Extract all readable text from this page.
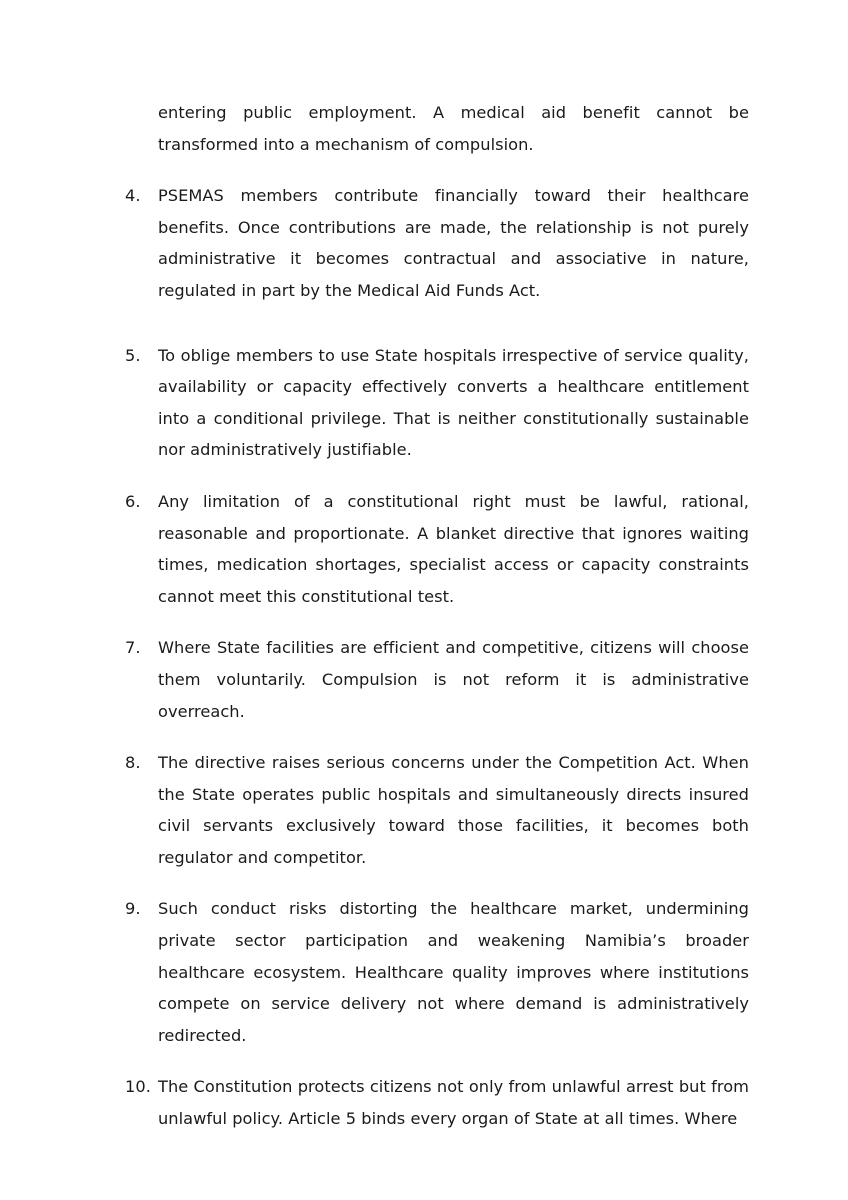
entering public employment. A medical aid benefit cannot be transformed into a mechanism of compulsion.
4. PSEMAS members contribute financially toward their healthcare benefits. Once contributions are made, the relationship is not purely administrative it becomes contractual and associative in nature, regulated in part by the Medical Aid Funds Act.
5. To oblige members to use State hospitals irrespective of service quality, availability or capacity effectively converts a healthcare entitlement into a conditional privilege. That is neither constitutionally sustainable nor administratively justifiable.
6. Any limitation of a constitutional right must be lawful, rational, reasonable and proportionate. A blanket directive that ignores waiting times, medication shortages, specialist access or capacity constraints cannot meet this constitutional test.
7. Where State facilities are efficient and competitive, citizens will choose them voluntarily. Compulsion is not reform it is administrative overreach.
8. The directive raises serious concerns under the Competition Act. When the State operates public hospitals and simultaneously directs insured civil servants exclusively toward those facilities, it becomes both regulator and competitor.
9. Such conduct risks distorting the healthcare market, undermining private sector participation and weakening Namibia’s broader healthcare ecosystem. Healthcare quality improves where institutions compete on service delivery not where demand is administratively redirected.
10. The Constitution protects citizens not only from unlawful arrest but from unlawful policy. Article 5 binds every organ of State at all times. Where
